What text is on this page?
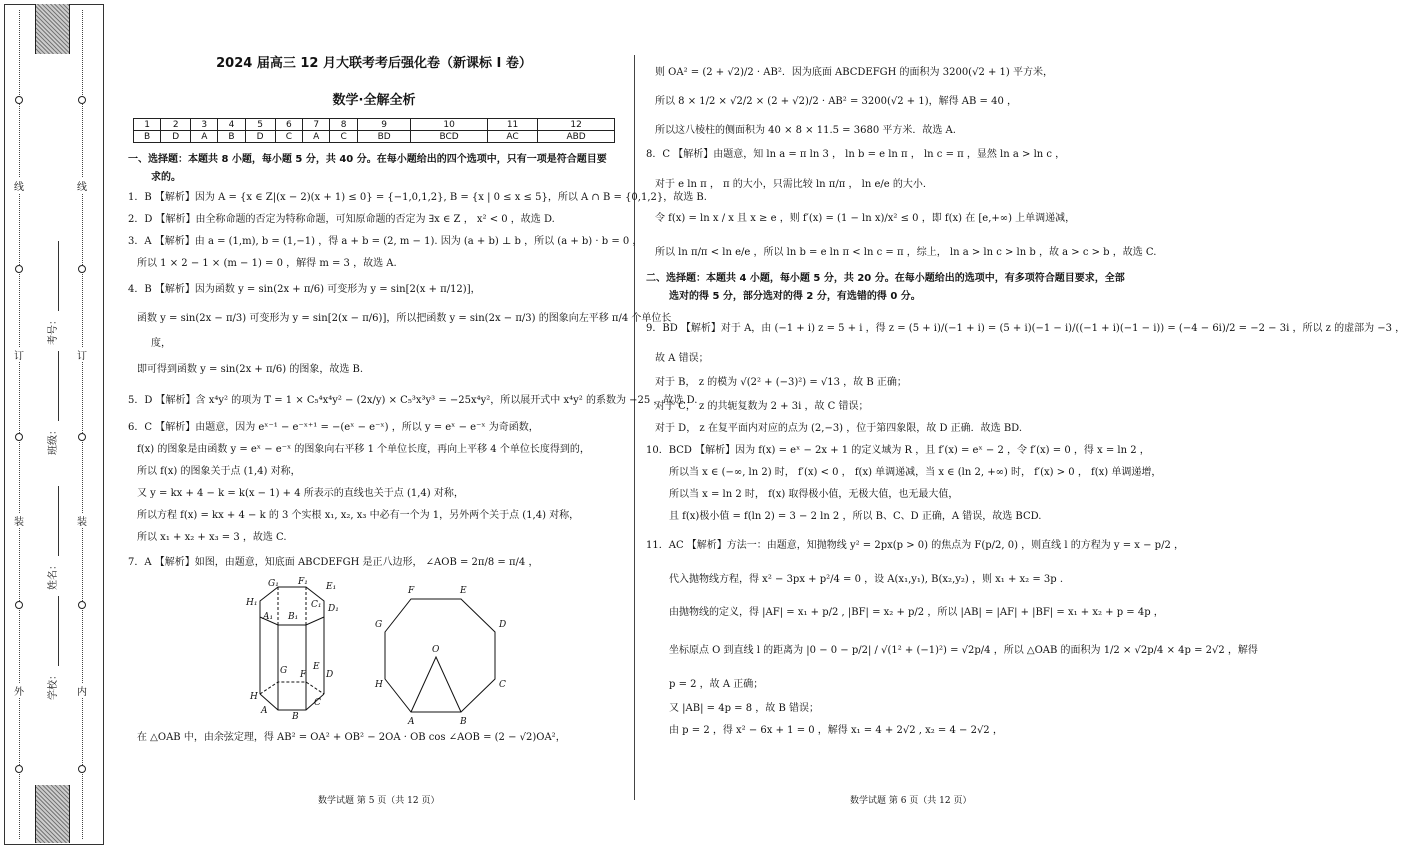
线
订
装
外
线
订
装
内
学校：
姓名：
班级：
考号：
2024 届高三 12 月大联考考后强化卷（新课标 I 卷）
数学·全解全析
1	2	3	4	5	6	7	8	9	10	11	12
B	D	A	B	D	C	A	C	BD	BCD	AC	ABD
一、选择题：本题共 8 小题，每小题 5 分，共 40 分。在每小题给出的四个选项中，只有一项是符合题目要
求的。
1．B 【解析】因为 A = {x ∈ Z|(x − 2)(x + 1) ≤ 0} = {−1,0,1,2}, B = {x | 0 ≤ x ≤ 5}，所以 A ∩ B = {0,1,2}，故选 B.
2．D 【解析】由全称命题的否定为特称命题，可知原命题的否定为 ∃x ∈ Z ， x² < 0 ，故选 D.
3．A 【解析】由 a = (1,m), b = (1,−1) ，得 a + b = (2, m − 1). 因为 (a + b) ⊥ b ，所以 (a + b) · b = 0 ，
所以 1 × 2 − 1 × (m − 1) = 0 ，解得 m = 3 ，故选 A.
4．B 【解析】因为函数 y = sin(2x + π/6) 可变形为 y = sin[2(x + π/12)]，
函数 y = sin(2x − π/3) 可变形为 y = sin[2(x − π/6)]，所以把函数 y = sin(2x − π/3) 的图象向左平移 π/4 个单位长
度，
即可得到函数 y = sin(2x + π/6) 的图象，故选 B.
5．D 【解析】含 x⁴y² 的项为 T = 1 × C₅⁴x⁴y² − (2x/y) × C₅³x³y³ = −25x⁴y²，所以展开式中 x⁴y² 的系数为 −25 ，故选 D.
6．C 【解析】由题意，因为 eˣ⁻¹ − e⁻ˣ⁺¹ = −(eˣ − e⁻ˣ) ，所以 y = eˣ − e⁻ˣ 为奇函数，
f(x) 的图象是由函数 y = eˣ − e⁻ˣ 的图象向右平移 1 个单位长度，再向上平移 4 个单位长度得到的，
所以 f(x) 的图象关于点 (1,4) 对称，
又 y = kx + 4 − k = k(x − 1) + 4 所表示的直线也关于点 (1,4) 对称，
所以方程 f(x) = kx + 4 − k 的 3 个实根 x₁, x₂, x₃ 中必有一个为 1，另外两个关于点 (1,4) 对称，
所以 x₁ + x₂ + x₃ = 3 ，故选 C.
7．A 【解析】如图，由题意，知底面 ABCDEFGH 是正八边形， ∠AOB = 2π/8 = π/4 ，
G₁ F₁ E₁
H₁
A₁ B₁
C₁ D₁
G F
E
H
D
A
B
C
F	E
G	D
O
H	C
A	B
在 △OAB 中，由余弦定理，得 AB² = OA² + OB² − 2OA · OB cos ∠AOB = (2 − √2)OA²，
数学试题 第 5 页（共 12 页）
则 OA² = (2 + √2)/2 · AB²．因为底面 ABCDEFGH 的面积为 3200(√2 + 1) 平方米，
所以 8 × 1/2 × √2/2 × (2 + √2)/2 · AB² = 3200(√2 + 1)，解得 AB = 40 ，
所以这八棱柱的侧面积为 40 × 8 × 11.5 = 3680 平方米．故选 A.
8．C 【解析】由题意，知 ln a = π ln 3 ， ln b = e ln π ， ln c = π ，显然 ln a > ln c ，
对于 e ln π ， π 的大小，只需比较 ln π/π ， ln e/e 的大小．
令 f(x) = ln x / x 且 x ≥ e ，则 f′(x) = (1 − ln x)/x² ≤ 0 ，即 f(x) 在 [e,+∞) 上单调递减，
所以 ln π/π < ln e/e ，所以 ln b = e ln π < ln c = π ，综上， ln a > ln c > ln b ，故 a > c > b ，故选 C.
二、选择题：本题共 4 小题，每小题 5 分，共 20 分。在每小题给出的选项中，有多项符合题目要求，全部
选对的得 5 分，部分选对的得 2 分，有选错的得 0 分。
9．BD 【解析】对于 A，由 (−1 + i) z = 5 + i ，得 z = (5 + i)/(−1 + i) = (5 + i)(−1 − i)/((−1 + i)(−1 − i)) = (−4 − 6i)/2 = −2 − 3i ，所以 z 的虚部为 −3 ，
故 A 错误；
对于 B， z 的模为 √(2² + (−3)²) = √13 ，故 B 正确；
对于 C， z 的共轭复数为 2 + 3i ，故 C 错误；
对于 D， z 在复平面内对应的点为 (2,−3) ，位于第四象限，故 D 正确．故选 BD.
10．BCD 【解析】因为 f(x) = eˣ − 2x + 1 的定义域为 R ，且 f′(x) = eˣ − 2 ，令 f′(x) = 0 ，得 x = ln 2 ，
所以当 x ∈ (−∞, ln 2) 时， f′(x) < 0 ， f(x) 单调递减，当 x ∈ (ln 2, +∞) 时， f′(x) > 0 ， f(x) 单调递增，
所以当 x = ln 2 时， f(x) 取得极小值，无极大值，也无最大值，
且 f(x)极小值 = f(ln 2) = 3 − 2 ln 2 ，所以 B、C、D 正确，A 错误，故选 BCD.
11．AC 【解析】方法一：由题意，知抛物线 y² = 2px(p > 0) 的焦点为 F(p/2, 0) ，则直线 l 的方程为 y = x − p/2 ，
代入抛物线方程，得 x² − 3px + p²/4 = 0 ，设 A(x₁,y₁), B(x₂,y₂) ，则 x₁ + x₂ = 3p .
由抛物线的定义，得 |AF| = x₁ + p/2 , |BF| = x₂ + p/2 ，所以 |AB| = |AF| + |BF| = x₁ + x₂ + p = 4p ，
坐标原点 O 到直线 l 的距离为 |0 − 0 − p/2| / √(1² + (−1)²) = √2p/4 ，所以 △OAB 的面积为 1/2 × √2p/4 × 4p = 2√2 ，解得
p = 2 ，故 A 正确；
又 |AB| = 4p = 8 ，故 B 错误；
由 p = 2 ，得 x² − 6x + 1 = 0 ，解得 x₁ = 4 + 2√2 , x₂ = 4 − 2√2 ，
数学试题 第 6 页（共 12 页）
